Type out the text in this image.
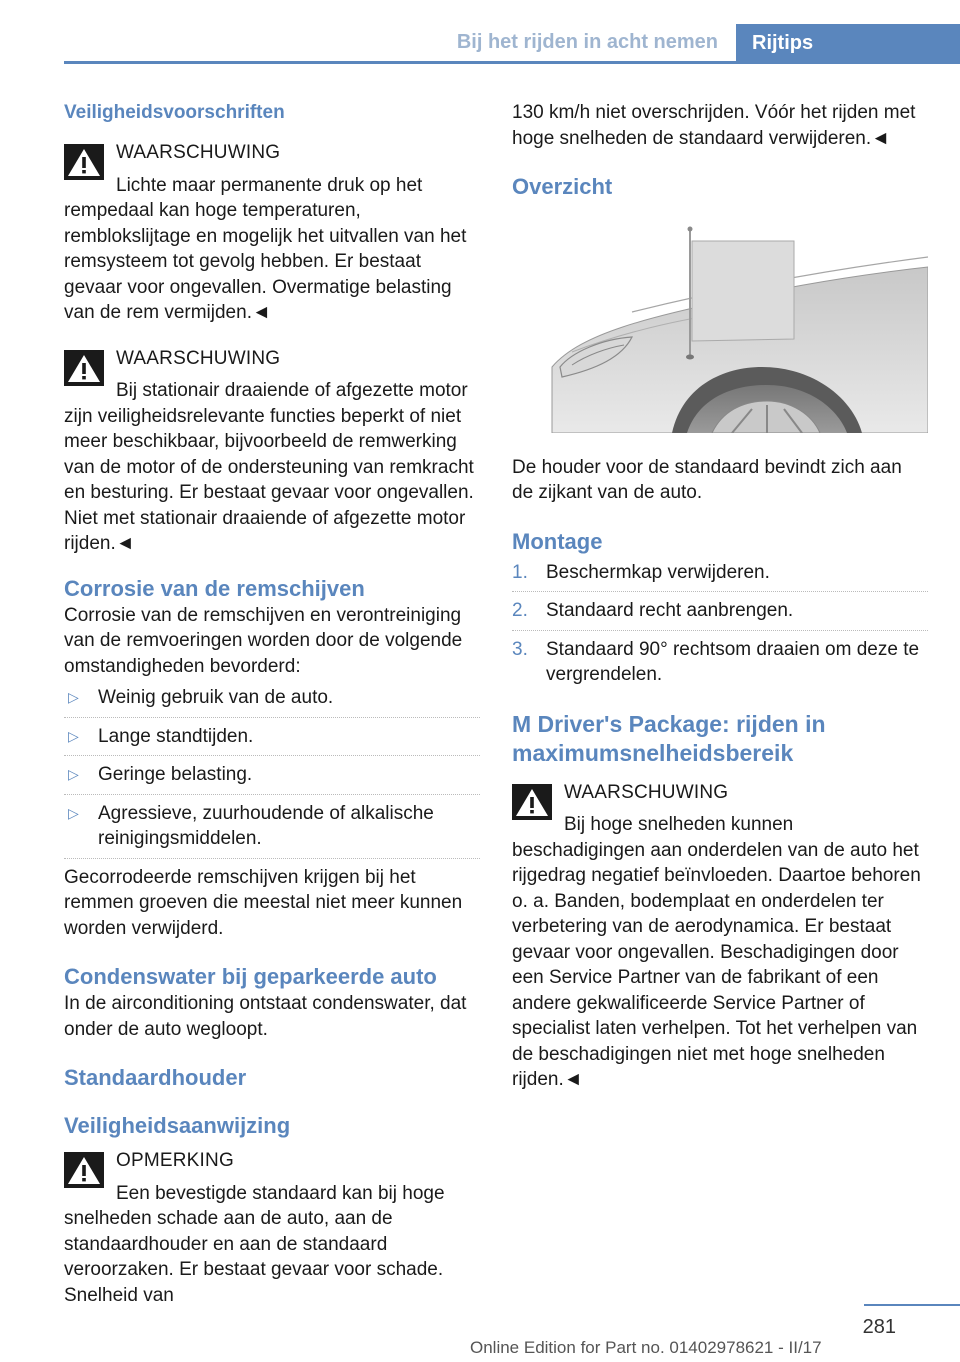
Bij het rijden in acht nemen	Rijtips

Veiligheidsvoorschriften

WAARSCHUWING

Lichte maar permanente druk op het rempedaal kan hoge temperaturen, remblokslijtage en mogelijk het uitvallen van het remsysteem tot gevolg hebben. Er bestaat gevaar voor ongevallen. Overmatige belasting van de rem vermijden.◄

WAARSCHUWING

Bij stationair draaiende of afgezette motor zijn veiligheidsrelevante functies beperkt of niet meer beschikbaar, bijvoorbeeld de remwerking van de motor of de ondersteuning van remkracht en besturing. Er bestaat gevaar voor ongevallen. Niet met stationair draaiende of afgezette motor rijden.◄

Corrosie van de remschijven

Corrosie van de remschijven en verontreiniging van de remvoeringen worden door de volgende omstandigheden bevorderd:

▷ Weinig gebruik van de auto.
▷ Lange standtijden.
▷ Geringe belasting.
▷ Agressieve, zuurhoudende of alkalische reinigingsmiddelen.

Gecorrodeerde remschijven krijgen bij het remmen groeven die meestal niet meer kunnen worden verwijderd.

Condenswater bij geparkeerde auto

In de airconditioning ontstaat condenswater, dat onder de auto wegloopt.

Standaardhouder

Veiligheidsaanwijzing

OPMERKING

Een bevestigde standaard kan bij hoge snelheden schade aan de auto, aan de standaardhouder en aan de standaard veroorzaken. Er bestaat gevaar voor schade. Snelheid van

130 km/h niet overschrijden. Vóór het rijden met hoge snelheden de standaard verwijderen.◄

Overzicht

De houder voor de standaard bevindt zich aan de zijkant van de auto.

Montage

1. Beschermkap verwijderen.
2. Standaard recht aanbrengen.
3. Standaard 90° rechtsom draaien om deze te vergrendelen.

M Driver's Package: rijden in maximumsnelheidsbereik

WAARSCHUWING

Bij hoge snelheden kunnen beschadigingen aan onderdelen van de auto het rijgedrag negatief beïnvloeden. Daartoe behoren o. a. Banden, bodemplaat en onderdelen ter verbetering van de aerodynamica. Er bestaat gevaar voor ongevallen. Beschadigingen door een Service Partner van de fabrikant of een andere gekwalificeerde Service Partner of specialist laten verhelpen. Tot het verhelpen van de beschadigingen niet met hoge snelheden rijden.◄

281
Online Edition for Part no. 01402978621 - II/17
